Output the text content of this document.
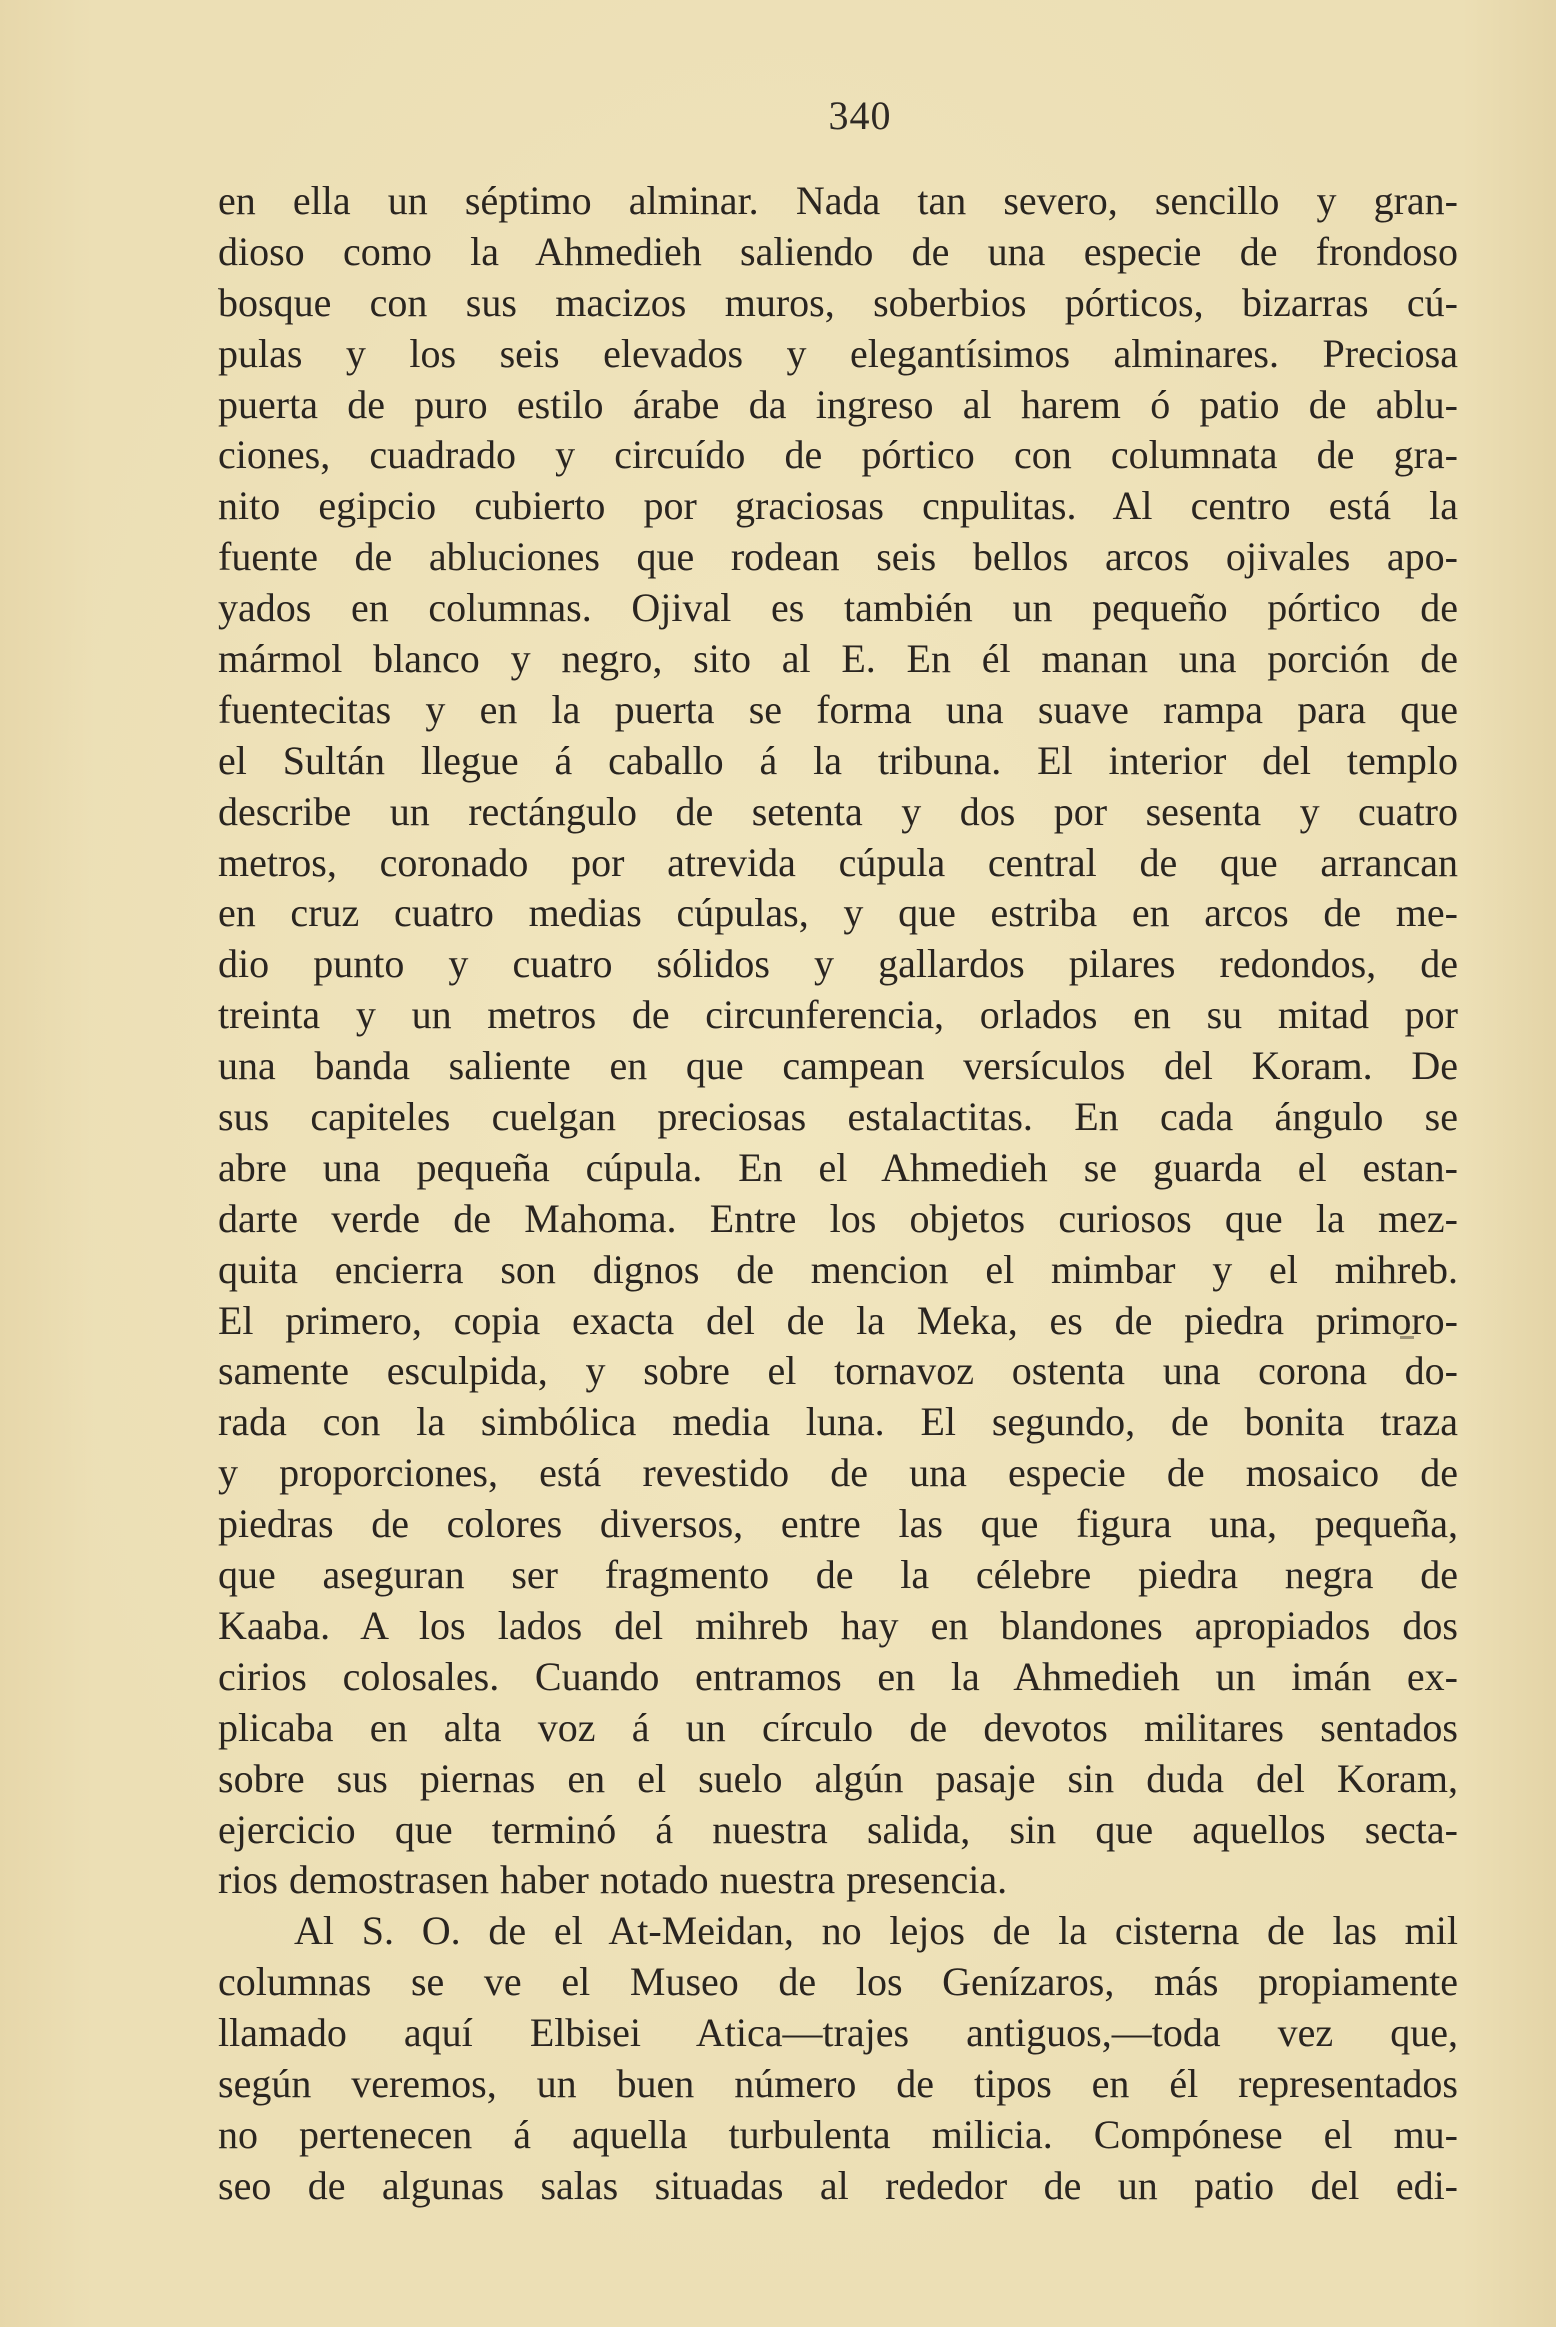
340
en ella un séptimo alminar. Nada tan severo, sencillo y gran-
dioso como la Ahmedieh saliendo de una especie de frondoso
bosque con sus macizos muros, soberbios pórticos, bizarras cú-
pulas y los seis elevados y elegantísimos alminares. Preciosa
puerta de puro estilo árabe da ingreso al harem ó patio de ablu-
ciones, cuadrado y circuído de pórtico con columnata de gra-
nito egipcio cubierto por graciosas cnpulitas. Al centro está la
fuente de abluciones que rodean seis bellos arcos ojivales apo-
yados en columnas. Ojival es también un pequeño pórtico de
mármol blanco y negro, sito al E. En él manan una porción de
fuentecitas y en la puerta se forma una suave rampa para que
el Sultán llegue á caballo á la tribuna. El interior del templo
describe un rectángulo de setenta y dos por sesenta y cuatro
metros, coronado por atrevida cúpula central de que arrancan
en cruz cuatro medias cúpulas, y que estriba en arcos de me-
dio punto y cuatro sólidos y gallardos pilares redondos, de
treinta y un metros de circunferencia, orlados en su mitad por
una banda saliente en que campean versículos del Koram. De
sus capiteles cuelgan preciosas estalactitas. En cada ángulo se
abre una pequeña cúpula. En el Ahmedieh se guarda el estan-
darte verde de Mahoma. Entre los objetos curiosos que la mez-
quita encierra son dignos de mencion el mimbar y el mihreb.
El primero, copia exacta del de la Meka, es de piedra primoro-
samente esculpida, y sobre el tornavoz ostenta una corona do-
rada con la simbólica media luna. El segundo, de bonita traza
y proporciones, está revestido de una especie de mosaico de
piedras de colores diversos, entre las que figura una, pequeña,
que aseguran ser fragmento de la célebre piedra negra de
Kaaba. A los lados del mihreb hay en blandones apropiados dos
cirios colosales. Cuando entramos en la Ahmedieh un imán ex-
plicaba en alta voz á un círculo de devotos militares sentados
sobre sus piernas en el suelo algún pasaje sin duda del Koram,
ejercicio que terminó á nuestra salida, sin que aquellos secta-
rios demostrasen haber notado nuestra presencia.
Al S. O. de el At-Meidan, no lejos de la cisterna de las mil
columnas se ve el Museo de los Genízaros, más propiamente
llamado aquí Elbisei Atica—trajes antiguos,—toda vez que,
según veremos, un buen número de tipos en él representados
no pertenecen á aquella turbulenta milicia. Compónese el mu-
seo de algunas salas situadas al rededor de un patio del edi-
